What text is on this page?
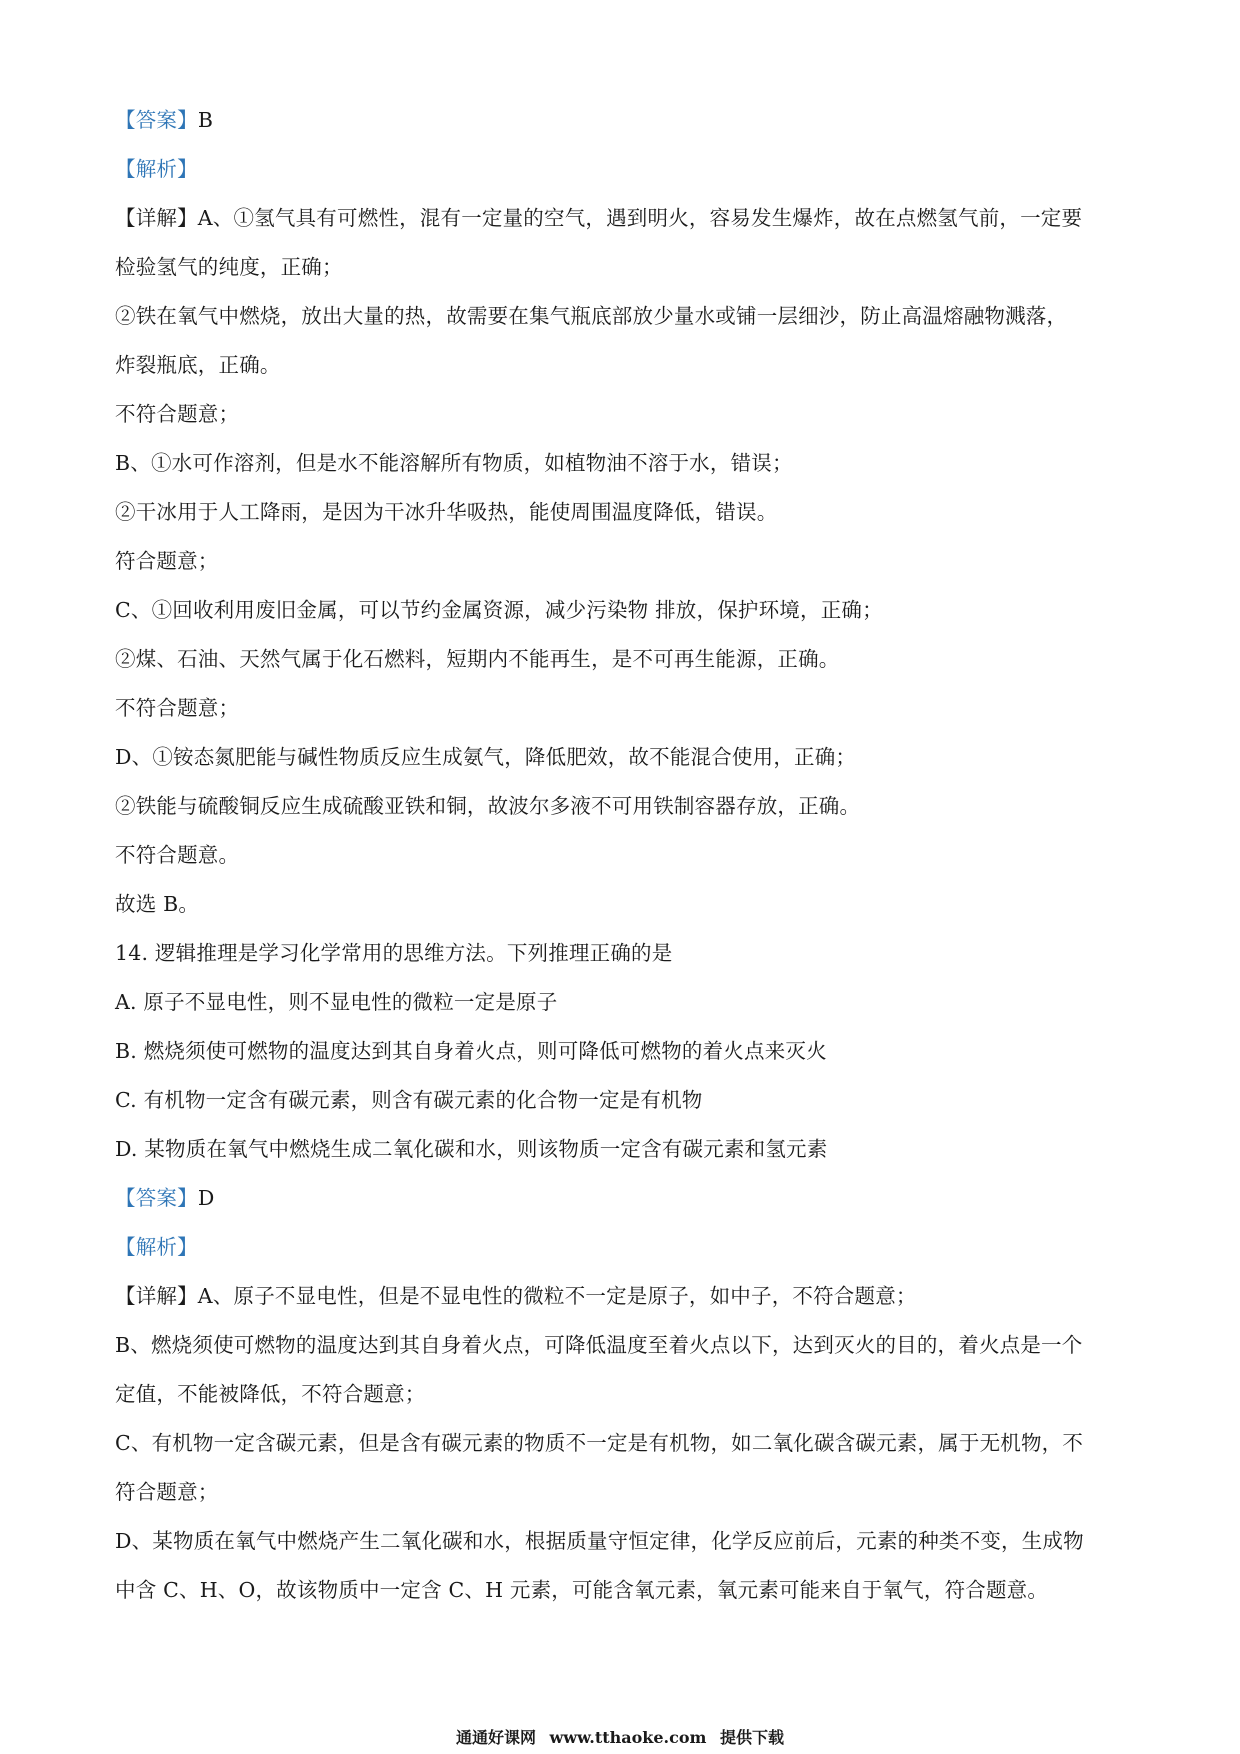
【答案】B
【解析】
【详解】A、①氢气具有可燃性，混有一定量的空气，遇到明火，容易发生爆炸，故在点燃氢气前，一定要
检验氢气的纯度，正确；
②铁在氧气中燃烧，放出大量的热，故需要在集气瓶底部放少量水或铺一层细沙，防止高温熔融物溅落，
炸裂瓶底，正确。
不符合题意；
B、①水可作溶剂，但是水不能溶解所有物质，如植物油不溶于水，错误；
②干冰用于人工降雨，是因为干冰升华吸热，能使周围温度降低，错误。
符合题意；
C、①回收利用废旧金属，可以节约金属资源，减少污染物 排放，保护环境，正确；
②煤、石油、天然气属于化石燃料，短期内不能再生，是不可再生能源，正确。
不符合题意；
D、①铵态氮肥能与碱性物质反应生成氨气，降低肥效，故不能混合使用，正确；
②铁能与硫酸铜反应生成硫酸亚铁和铜，故波尔多液不可用铁制容器存放，正确。
不符合题意。
故选 B。
14. 逻辑推理是学习化学常用的思维方法。下列推理正确的是
A. 原子不显电性，则不显电性的微粒一定是原子
B. 燃烧须使可燃物的温度达到其自身着火点，则可降低可燃物的着火点来灭火
C. 有机物一定含有碳元素，则含有碳元素的化合物一定是有机物
D. 某物质在氧气中燃烧生成二氧化碳和水，则该物质一定含有碳元素和氢元素
【答案】D
【解析】
【详解】A、原子不显电性，但是不显电性的微粒不一定是原子，如中子，不符合题意；
B、燃烧须使可燃物的温度达到其自身着火点，可降低温度至着火点以下，达到灭火的目的，着火点是一个
定值，不能被降低，不符合题意；
C、有机物一定含碳元素，但是含有碳元素的物质不一定是有机物，如二氧化碳含碳元素，属于无机物，不
符合题意；
D、某物质在氧气中燃烧产生二氧化碳和水，根据质量守恒定律，化学反应前后，元素的种类不变，生成物
中含 C、H、O，故该物质中一定含 C、H 元素，可能含氧元素，氧元素可能来自于氧气，符合题意。
通通好课网 www.tthaoke.com 提供下载
